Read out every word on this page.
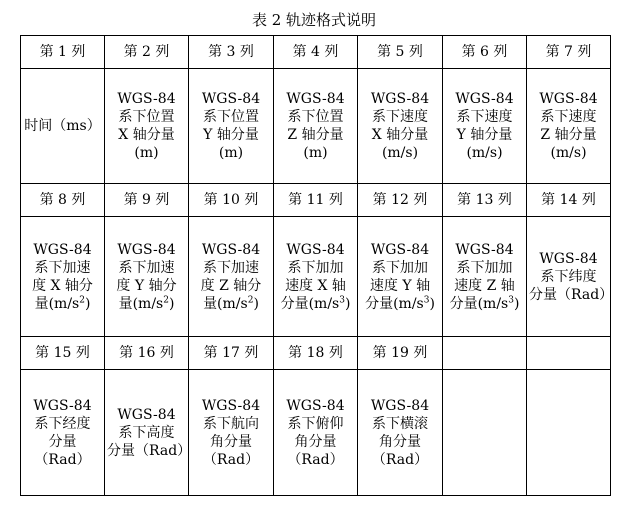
表 2 轨迹格式说明
第 1 列	第 2 列	第 3 列	第 4 列	第 5 列	第 6 列	第 7 列
时间（ms）	WGS-84
系下位置
X 轴分量
(m)	WGS-84
系下位置
Y 轴分量
(m)	WGS-84
系下位置
Z 轴分量
(m)	WGS-84
系下速度
X 轴分量
(m/s)	WGS-84
系下速度
Y 轴分量
(m/s)	WGS-84
系下速度
Z 轴分量
(m/s)
第 8 列	第 9 列	第 10 列	第 11 列	第 12 列	第 13 列	第 14 列
WGS-84
系下加速
度 X 轴分
量$(m/s^2)$	WGS-84
系下加速
度 Y 轴分
量$(m/s^2)$	WGS-84
系下加速
度 Z 轴分
量$(m/s^2)$	WGS-84
系下加加
速度 X 轴
分量$(m/s^3)$	WGS-84
系下加加
速度 Y 轴
分量$(m/s^3)$	WGS-84
系下加加
速度 Z 轴
分量$(m/s^3)$	WGS-84
系下纬度
分量（Rad）
第 15 列	第 16 列	第 17 列	第 18 列	第 19 列		
WGS-84
系下经度
分量
（Rad）	WGS-84
系下高度
分量（Rad）	WGS-84
系下航向
角分量
（Rad）	WGS-84
系下俯仰
角分量
（Rad）	WGS-84
系下横滚
角分量
（Rad）		
